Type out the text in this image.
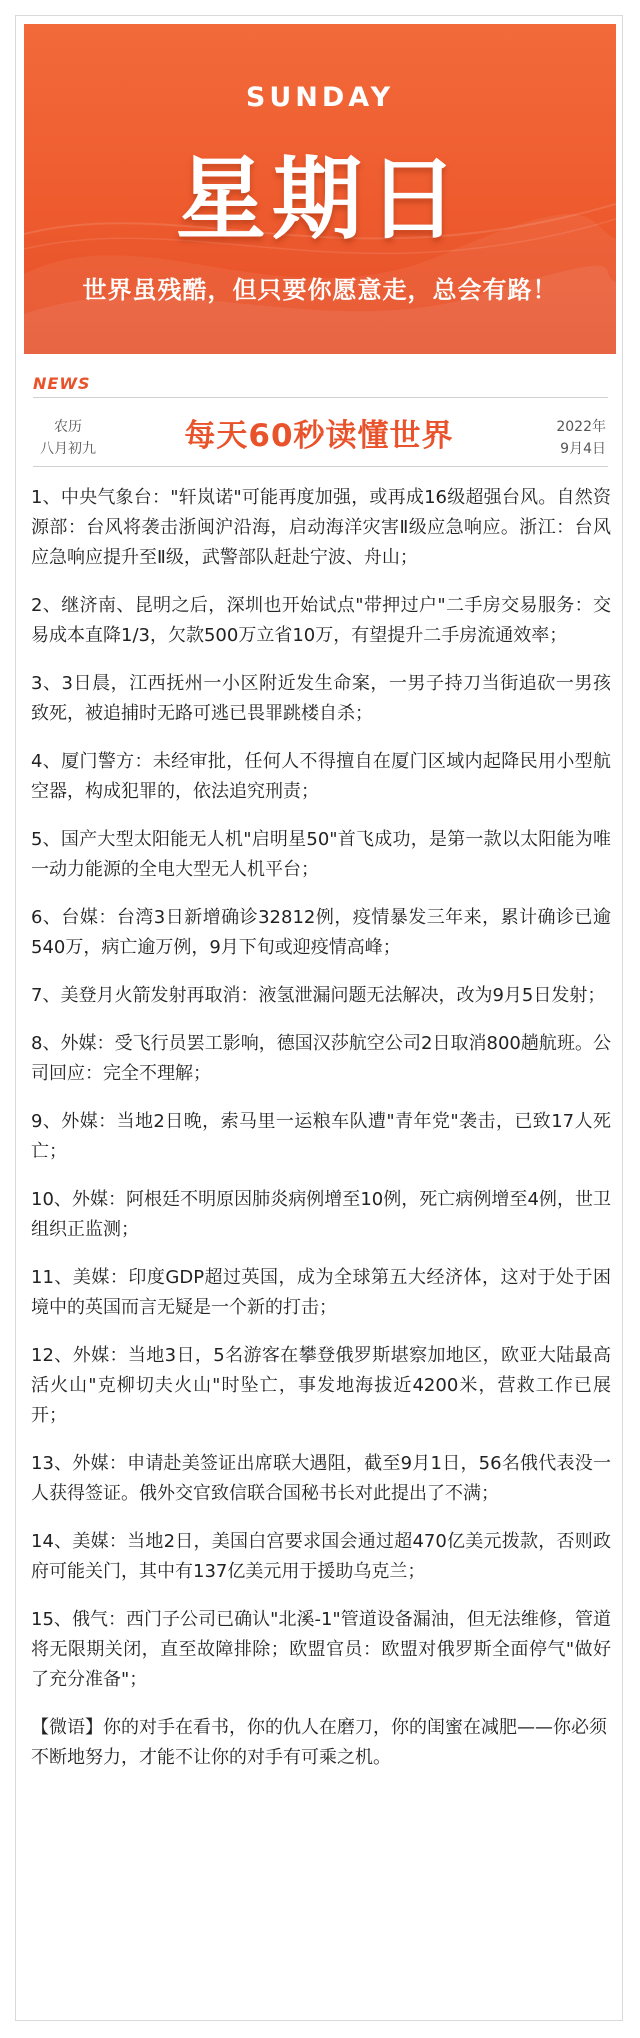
SUNDAY
星期日
世界虽残酷，但只要你愿意走，总会有路！
NEWS
农历
八月初九	每天60秒读懂世界	2022年
9月4日

1、中央气象台："轩岚诺"可能再度加强，或再成16级超强台风。自然资源部：台风将袭击浙闽沪沿海，启动海洋灾害Ⅱ级应急响应。浙江：台风应急响应提升至Ⅱ级，武警部队赶赴宁波、舟山；

2、继济南、昆明之后，深圳也开始试点"带押过户"二手房交易服务：交易成本直降1/3，欠款500万立省10万，有望提升二手房流通效率；

3、3日晨，江西抚州一小区附近发生命案，一男子持刀当街追砍一男孩致死，被追捕时无路可逃已畏罪跳楼自杀；

4、厦门警方：未经审批，任何人不得擅自在厦门区域内起降民用小型航空器，构成犯罪的，依法追究刑责；

5、国产大型太阳能无人机"启明星50"首飞成功，是第一款以太阳能为唯一动力能源的全电大型无人机平台；

6、台媒：台湾3日新增确诊32812例，疫情暴发三年来，累计确诊已逾540万，病亡逾万例，9月下旬或迎疫情高峰；

7、美登月火箭发射再取消：液氢泄漏问题无法解决，改为9月5日发射；

8、外媒：受飞行员罢工影响，德国汉莎航空公司2日取消800趟航班。公司回应：完全不理解；

9、外媒：当地2日晚，索马里一运粮车队遭"青年党"袭击，已致17人死亡；

10、外媒：阿根廷不明原因肺炎病例增至10例，死亡病例增至4例，世卫组织正监测；

11、美媒：印度GDP超过英国，成为全球第五大经济体，这对于处于困境中的英国而言无疑是一个新的打击；

12、外媒：当地3日，5名游客在攀登俄罗斯堪察加地区，欧亚大陆最高活火山"克柳切夫火山"时坠亡，事发地海拔近4200米，营救工作已展开；

13、外媒：申请赴美签证出席联大遇阻，截至9月1日，56名俄代表没一人获得签证。俄外交官致信联合国秘书长对此提出了不满；

14、美媒：当地2日，美国白宫要求国会通过超470亿美元拨款，否则政府可能关门，其中有137亿美元用于援助乌克兰；

15、俄气：西门子公司已确认"北溪-1"管道设备漏油，但无法维修，管道将无限期关闭，直至故障排除；欧盟官员：欧盟对俄罗斯全面停气"做好了充分准备"；

【微语】你的对手在看书，你的仇人在磨刀，你的闺蜜在减肥——你必须不断地努力，才能不让你的对手有可乘之机。
